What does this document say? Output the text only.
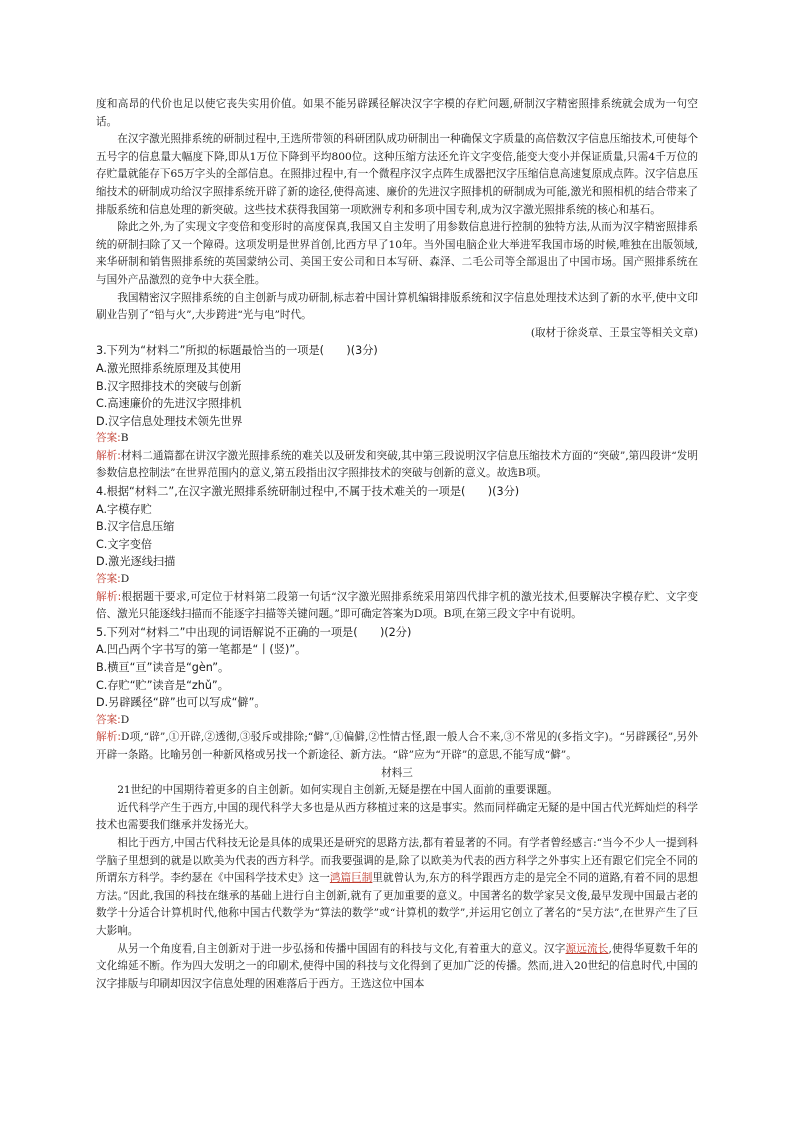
度和高昂的代价也足以使它丧失实用价值。如果不能另辟蹊径解决汉字字模的存贮问题,研制汉字精密照排系统就会成为一句空话。

在汉字激光照排系统的研制过程中,王选所带领的科研团队成功研制出一种确保文字质量的高倍数汉字信息压缩技术,可使每个五号字的信息量大幅度下降,即从1万位下降到平均800位。这种压缩方法还允许文字变倍,能变大变小并保证质量,只需4千万位的存贮量就能存下65万字头的全部信息。在照排过程中,有一个微程序汉字点阵生成器把汉字压缩信息高速复原成点阵。汉字信息压缩技术的研制成功给汉字照排系统开辟了新的途径,使得高速、廉价的先进汉字照排机的研制成为可能,激光和照相机的结合带来了排版系统和信息处理的新突破。这些技术获得我国第一项欧洲专利和多项中国专利,成为汉字激光照排系统的核心和基石。

除此之外,为了实现文字变倍和变形时的高度保真,我国又自主发明了用参数信息进行控制的独特方法,从而为汉字精密照排系统的研制扫除了又一个障碍。这项发明是世界首创,比西方早了10年。当外国电脑企业大举进军我国市场的时候,唯独在出版领域,来华研制和销售照排系统的英国蒙纳公司、美国王安公司和日本写研、森泽、二毛公司等全部退出了中国市场。国产照排系统在与国外产品激烈的竞争中大获全胜。

我国精密汉字照排系统的自主创新与成功研制,标志着中国计算机编辑排版系统和汉字信息处理技术达到了新的水平,使中文印刷业告别了“铅与火”,大步跨进“光与电”时代。

(取材于徐炎章、王景宝等相关文章)

3.下列为“材料二”所拟的标题最恰当的一项是(　　)(3分)

A.激光照排系统原理及其使用

B.汉字照排技术的突破与创新

C.高速廉价的先进汉字照排机

D.汉字信息处理技术领先世界

答案:B

解析:材料二通篇都在讲汉字激光照排系统的难关以及研发和突破,其中第三段说明汉字信息压缩技术方面的“突破”,第四段讲“发明参数信息控制法”在世界范围内的意义,第五段指出汉字照排技术的突破与创新的意义。故选B项。

4.根据“材料二”,在汉字激光照排系统研制过程中,不属于技术难关的一项是(　　)(3分)

A.字模存贮

B.汉字信息压缩

C.文字变倍

D.激光逐线扫描

答案:D

解析:根据题干要求,可定位于材料第二段第一句话“汉字激光照排系统采用第四代排字机的激光技术,但要解决字模存贮、文字变倍、激光只能逐线扫描而不能逐字扫描等关键问题。”即可确定答案为D项。B项,在第三段文字中有说明。

5.下列对“材料二”中出现的词语解说不正确的一项是(　　)(2分)

A.凹凸两个字书写的第一笔都是“丨(竖)”。

B.横亘“亘”读音是“gèn”。

C.存贮“贮”读音是“zhǔ”。

D.另辟蹊径“辟”也可以写成“僻”。

答案:D

解析:D项,“辟”,①开辟,②透彻,③驳斥或排除;“僻”,①偏僻,②性情古怪,跟一般人合不来,③不常见的(多指文字)。“另辟蹊径”,另外开辟一条路。比喻另创一种新风格或另找一个新途径、新方法。“辟”应为“开辟”的意思,不能写成“僻”。

材料三

21世纪的中国期待着更多的自主创新。如何实现自主创新,无疑是摆在中国人面前的重要课题。

近代科学产生于西方,中国的现代科学大多也是从西方移植过来的这是事实。然而同样确定无疑的是中国古代光辉灿烂的科学技术也需要我们继承并发扬光大。

相比于西方,中国古代科技无论是具体的成果还是研究的思路方法,都有着显著的不同。有学者曾经感言:“当今不少人一提到科学脑子里想到的就是以欧美为代表的西方科学。而我要强调的是,除了以欧美为代表的西方科学之外事实上还有跟它们完全不同的所谓东方科学。李约瑟在《中国科学技术史》这一鸿篇巨制里就曾认为,东方的科学跟西方走的是完全不同的道路,有着不同的思想方法。”因此,我国的科技在继承的基础上进行自主创新,就有了更加重要的意义。中国著名的数学家吴文俊,最早发现中国最古老的数学十分适合计算机时代,他称中国古代数学为“算法的数学”或“计算机的数学”,并运用它创立了著名的“吴方法”,在世界产生了巨大影响。

从另一个角度看,自主创新对于进一步弘扬和传播中国固有的科技与文化,有着重大的意义。汉字源远流长,使得华夏数千年的文化绵延不断。作为四大发明之一的印刷术,使得中国的科技与文化得到了更加广泛的传播。然而,进入20世纪的信息时代,中国的汉字排版与印刷却因汉字信息处理的困难落后于西方。王选这位中国本
